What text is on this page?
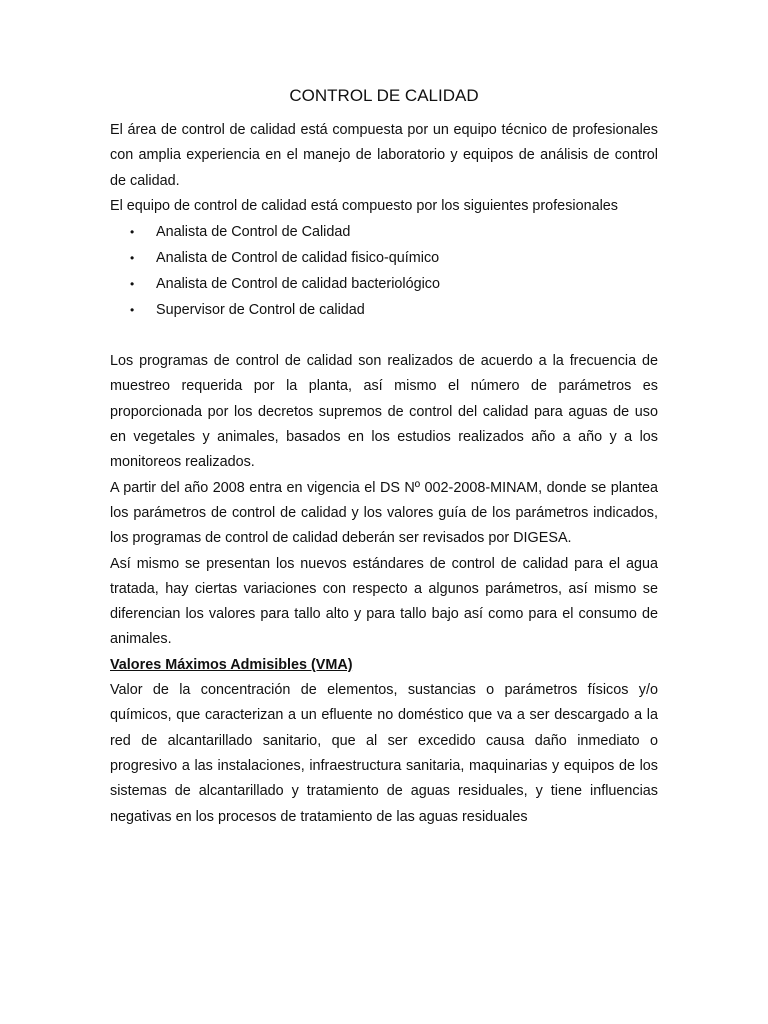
CONTROL DE CALIDAD

El área de control de calidad está compuesta por un equipo técnico de profesionales con amplia experiencia en el manejo de laboratorio y equipos de análisis de control de calidad.

El equipo de control de calidad está compuesto por los siguientes profesionales

• Analista de Control de Calidad
• Analista de Control de calidad fisico-químico
• Analista de Control de calidad bacteriológico
• Supervisor de Control de calidad

Los programas de control de calidad son realizados de acuerdo a la frecuencia de muestreo requerida por la planta, así mismo el número de parámetros es proporcionada por los decretos supremos de control del calidad para aguas de uso en vegetales y animales, basados en los estudios realizados año a año y a los monitoreos realizados.

A partir del año 2008 entra en vigencia el DS Nº 002-2008-MINAM, donde se plantea los parámetros de control de calidad y los valores guía de los parámetros indicados, los programas de control de calidad deberán ser revisados por DIGESA.

Así mismo se presentan los nuevos estándares de control de calidad para el agua tratada, hay ciertas variaciones con respecto a algunos parámetros, así mismo se diferencian los valores para tallo alto y para tallo bajo así como para el consumo de animales.

Valores Máximos Admisibles (VMA)

Valor de la concentración de elementos, sustancias o parámetros físicos y/o químicos, que caracterizan a un efluente no doméstico que va a ser descargado a la red de alcantarillado sanitario, que al ser excedido causa daño inmediato o progresivo a las instalaciones, infraestructura sanitaria, maquinarias y equipos de los sistemas de alcantarillado y tratamiento de aguas residuales, y tiene influencias negativas en los procesos de tratamiento de las aguas residuales
